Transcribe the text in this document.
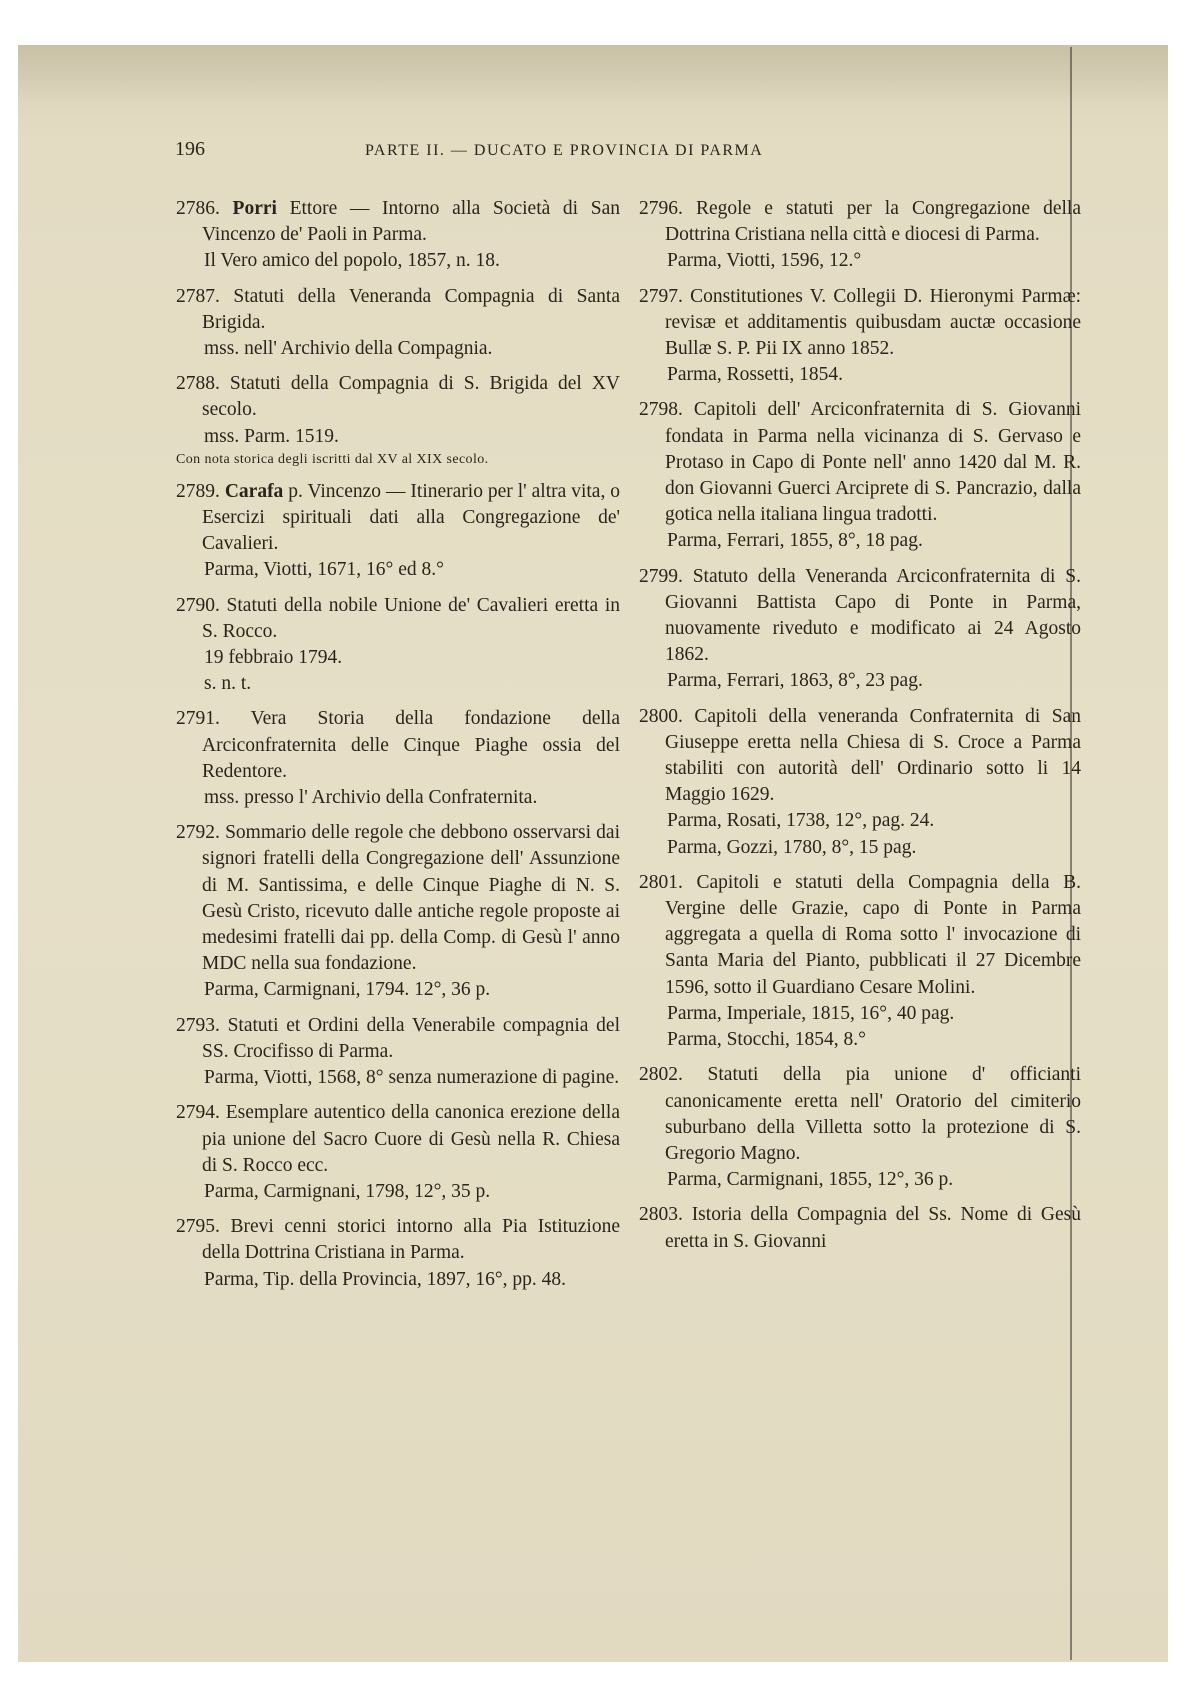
196	PARTE II. — DUCATO E PROVINCIA DI PARMA
2786. Porri Ettore — Intorno alla Società di San Vincenzo de' Paoli in Parma.
Il Vero amico del popolo, 1857, n. 18.
2787. Statuti della Veneranda Compagnia di Santa Brigida.
mss. nell' Archivio della Compagnia.
2788. Statuti della Compagnia di S. Brigida del XV secolo.
mss. Parm. 1519.
Con nota storica degli iscritti dal XV al XIX secolo.
2789. Carafa p. Vincenzo — Itinerario per l' altra vita, o Esercizi spirituali dati alla Congregazione de' Cavalieri.
Parma, Viotti, 1671, 16° ed 8.°
2790. Statuti della nobile Unione de' Cavalieri eretta in S. Rocco.
19 febbraio 1794.
s. n. t.
2791. Vera Storia della fondazione della Arciconfraternita delle Cinque Piaghe ossia del Redentore.
mss. presso l' Archivio della Confraternita.
2792. Sommario delle regole che debbono osservarsi dai signori fratelli della Congregazione dell' Assunzione di M. Santissima, e delle Cinque Piaghe di N. S. Gesù Cristo, ricevuto dalle antiche regole proposte ai medesimi fratelli dai pp. della Comp. di Gesù l' anno MDC nella sua fondazione.
Parma, Carmignani, 1794. 12°, 36 p.
2793. Statuti et Ordini della Venerabile compagnia del SS. Crocifisso di Parma.
Parma, Viotti, 1568, 8° senza numerazione di pagine.
2794. Esemplare autentico della canonica erezione della pia unione del Sacro Cuore di Gesù nella R. Chiesa di S. Rocco ecc.
Parma, Carmignani, 1798, 12°, 35 p.
2795. Brevi cenni storici intorno alla Pia Istituzione della Dottrina Cristiana in Parma.
Parma, Tip. della Provincia, 1897, 16°, pp. 48.
2796. Regole e statuti per la Congregazione della Dottrina Cristiana nella città e diocesi di Parma.
Parma, Viotti, 1596, 12.°
2797. Constitutiones V. Collegii D. Hieronymi Parmæ: revisæ et additamentis quibusdam auctæ occasione Bullæ S. P. Pii IX anno 1852.
Parma, Rossetti, 1854.
2798. Capitoli dell' Arciconfraternita di S. Giovanni fondata in Parma nella vicinanza di S. Gervaso e Protaso in Capo di Ponte nell' anno 1420 dal M. R. don Giovanni Guerci Arciprete di S. Pancrazio, dalla gotica nella italiana lingua tradotti.
Parma, Ferrari, 1855, 8°, 18 pag.
2799. Statuto della Veneranda Arciconfraternita di S. Giovanni Battista Capo di Ponte in Parma, nuovamente riveduto e modificato ai 24 Agosto 1862.
Parma, Ferrari, 1863, 8°, 23 pag.
2800. Capitoli della veneranda Confraternita di San Giuseppe eretta nella Chiesa di S. Croce a Parma stabiliti con autorità dell' Ordinario sotto li 14 Maggio 1629.
Parma, Rosati, 1738, 12°, pag. 24.
Parma, Gozzi, 1780, 8°, 15 pag.
2801. Capitoli e statuti della Compagnia della B. Vergine delle Grazie, capo di Ponte in Parma aggregata a quella di Roma sotto l' invocazione di Santa Maria del Pianto, pubblicati il 27 Dicembre 1596, sotto il Guardiano Cesare Molini.
Parma, Imperiale, 1815, 16°, 40 pag.
Parma, Stocchi, 1854, 8.°
2802. Statuti della pia unione d' officianti canonicamente eretta nell' Oratorio del cimiterio suburbano della Villetta sotto la protezione di S. Gregorio Magno.
Parma, Carmignani, 1855, 12°, 36 p.
2803. Istoria della Compagnia del Ss. Nome di Gesù eretta in S. Giovanni
